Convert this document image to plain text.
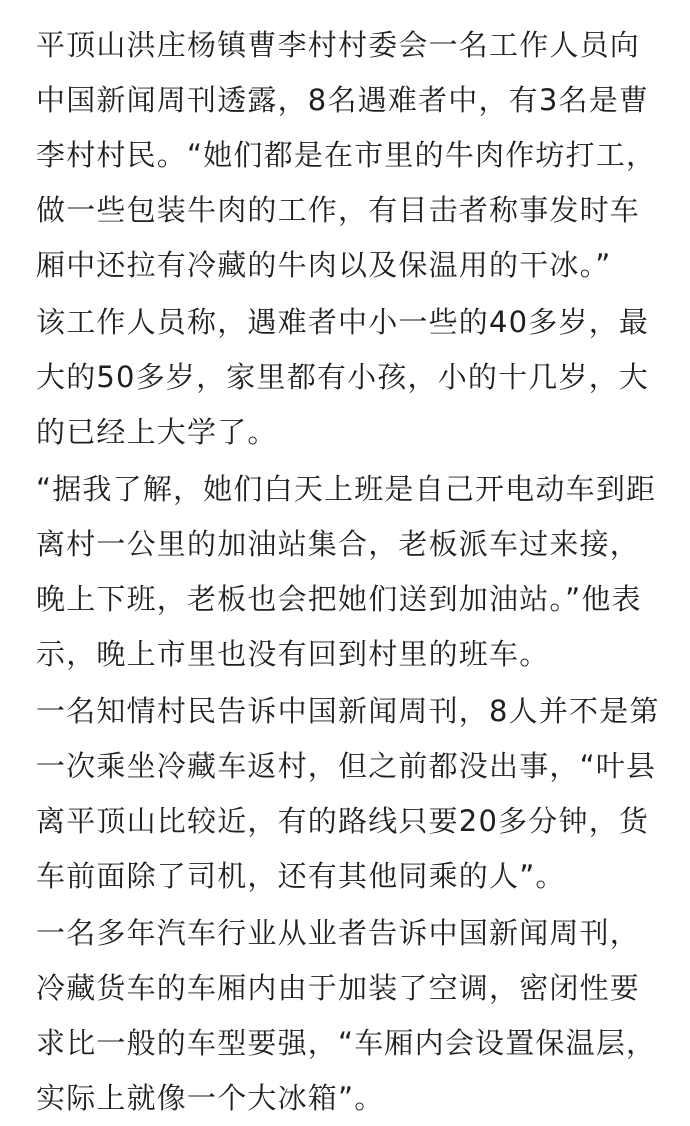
平顶山洪庄杨镇曹李村村委会一名工作人员向
中国新闻周刊透露，8名遇难者中，有3名是曹
李村村民。“她们都是在市里的牛肉作坊打工，
做一些包装牛肉的工作，有目击者称事发时车
厢中还拉有冷藏的牛肉以及保温用的干冰。”

该工作人员称，遇难者中小一些的40多岁，最
大的50多岁，家里都有小孩，小的十几岁，大
的已经上大学了。

“据我了解，她们白天上班是自己开电动车到距
离村一公里的加油站集合，老板派车过来接，
晚上下班，老板也会把她们送到加油站。”他表
示，晚上市里也没有回到村里的班车。

一名知情村民告诉中国新闻周刊，8人并不是第
一次乘坐冷藏车返村，但之前都没出事，“叶县
离平顶山比较近，有的路线只要20多分钟，货
车前面除了司机，还有其他同乘的人”。

一名多年汽车行业从业者告诉中国新闻周刊，
冷藏货车的车厢内由于加装了空调，密闭性要
求比一般的车型要强，“车厢内会设置保温层，
实际上就像一个大冰箱”。
